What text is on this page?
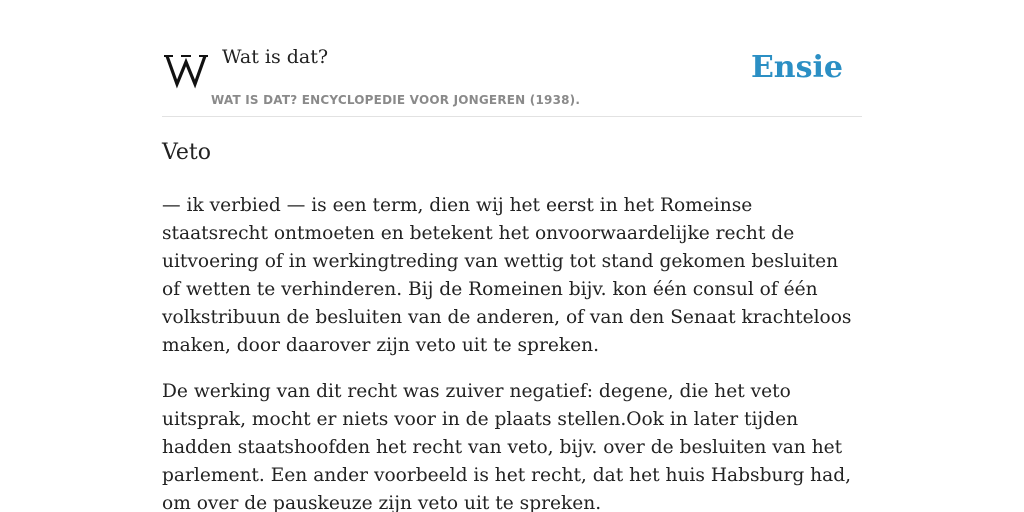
Wat is dat?
WAT IS DAT? ENCYCLOPEDIE VOOR JONGEREN (1938).
Ensie
Veto

— ik verbied — is een term, dien wij het eerst in het Romeinse staatsrecht ontmoeten en betekent het onvoorwaardelijke recht de uitvoering of in werkingtreding van wettig tot stand gekomen besluiten of wetten te verhinderen. Bij de Romeinen bijv. kon één consul of één volkstribuun de besluiten van de anderen, of van den Senaat krachteloos maken, door daarover zijn veto uit te spreken.

De werking van dit recht was zuiver negatief: degene, die het veto uitsprak, mocht er niets voor in de plaats stellen.Ook in later tijden hadden staatshoofden het recht van veto, bijv. over de besluiten van het parlement. Een ander voorbeeld is het recht, dat het huis Habsburg had, om over de pauskeuze zijn veto uit te spreken.
